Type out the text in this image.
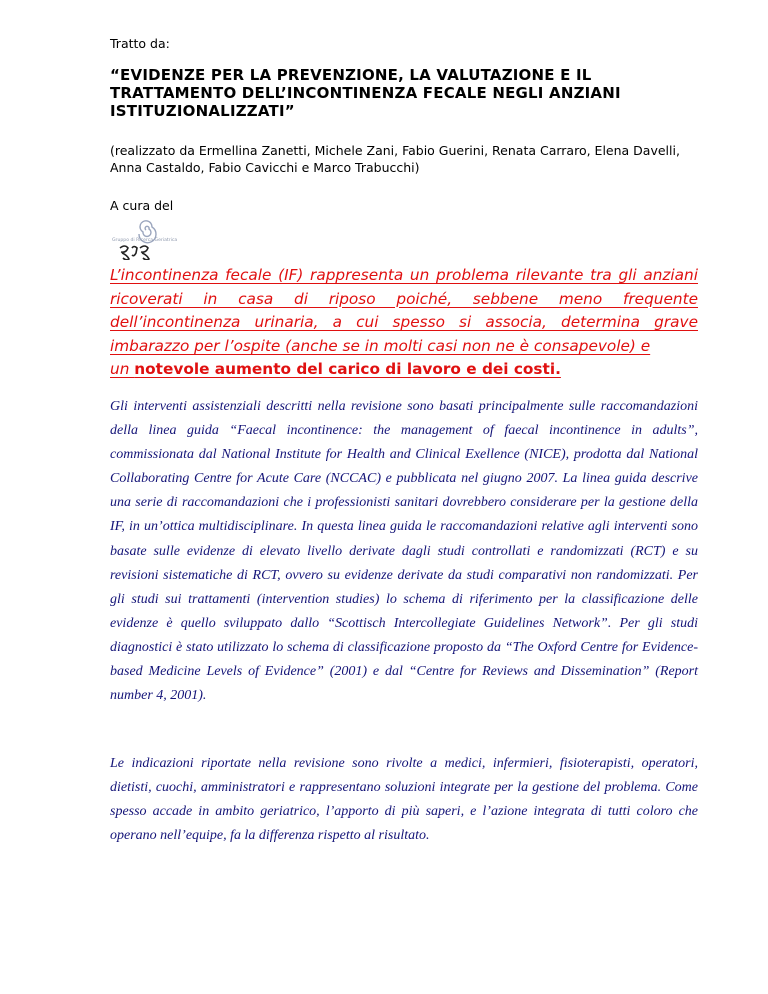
Tratto da:
“EVIDENZE PER LA PREVENZIONE, LA VALUTAZIONE E IL TRATTAMENTO DELL’INCONTINENZA FECALE NEGLI ANZIANI ISTITUZIONALIZZATI”
(realizzato da Ermellina Zanetti, Michele Zani, Fabio Guerini, Renata Carraro, Elena Davelli, Anna Castaldo, Fabio Cavicchi e Marco Trabucchi)
A cura del
Gruppo di Ricerca Geriatrica

L’incontinenza fecale (IF) rappresenta un problema rilevante tra gli anziani ricoverati in casa di riposo poiché, sebbene meno frequente dell’incontinenza urinaria, a cui spesso si associa, determina grave imbarazzo per l’ospite (anche se in molti casi non ne è consapevole) e
un notevole aumento del carico di lavoro e dei costi.

Gli interventi assistenziali descritti nella revisione sono basati principalmente sulle raccomandazioni della linea guida “Faecal incontinence: the management of faecal incontinence in adults”, commissionata dal National Institute for Health and Clinical Exellence (NICE), prodotta dal National Collaborating Centre for Acute Care (NCCAC) e pubblicata nel giugno 2007. La linea guida descrive una serie di raccomandazioni che i professionisti sanitari dovrebbero considerare per la gestione della IF, in un’ottica multidisciplinare. In questa linea guida le raccomandazioni relative agli interventi sono basate sulle evidenze di elevato livello derivate dagli studi controllati e randomizzati (RCT) e su revisioni sistematiche di RCT, ovvero su evidenze derivate da studi comparativi non randomizzati. Per gli studi sui trattamenti (intervention studies) lo schema di riferimento per la classificazione delle evidenze è quello sviluppato dallo “Scottisch Intercollegiate Guidelines Network”. Per gli studi diagnostici è stato utilizzato lo schema di classificazione proposto da “The Oxford Centre for Evidence-based Medicine Levels of Evidence” (2001) e dal “Centre for Reviews and Dissemination” (Report number 4, 2001).

Le indicazioni riportate nella revisione sono rivolte a medici, infermieri, fisioterapisti, operatori, dietisti, cuochi, amministratori e rappresentano soluzioni integrate per la gestione del problema. Come spesso accade in ambito geriatrico, l’apporto di più saperi, e l’azione integrata di tutti coloro che operano nell’equipe, fa la differenza rispetto al risultato.
